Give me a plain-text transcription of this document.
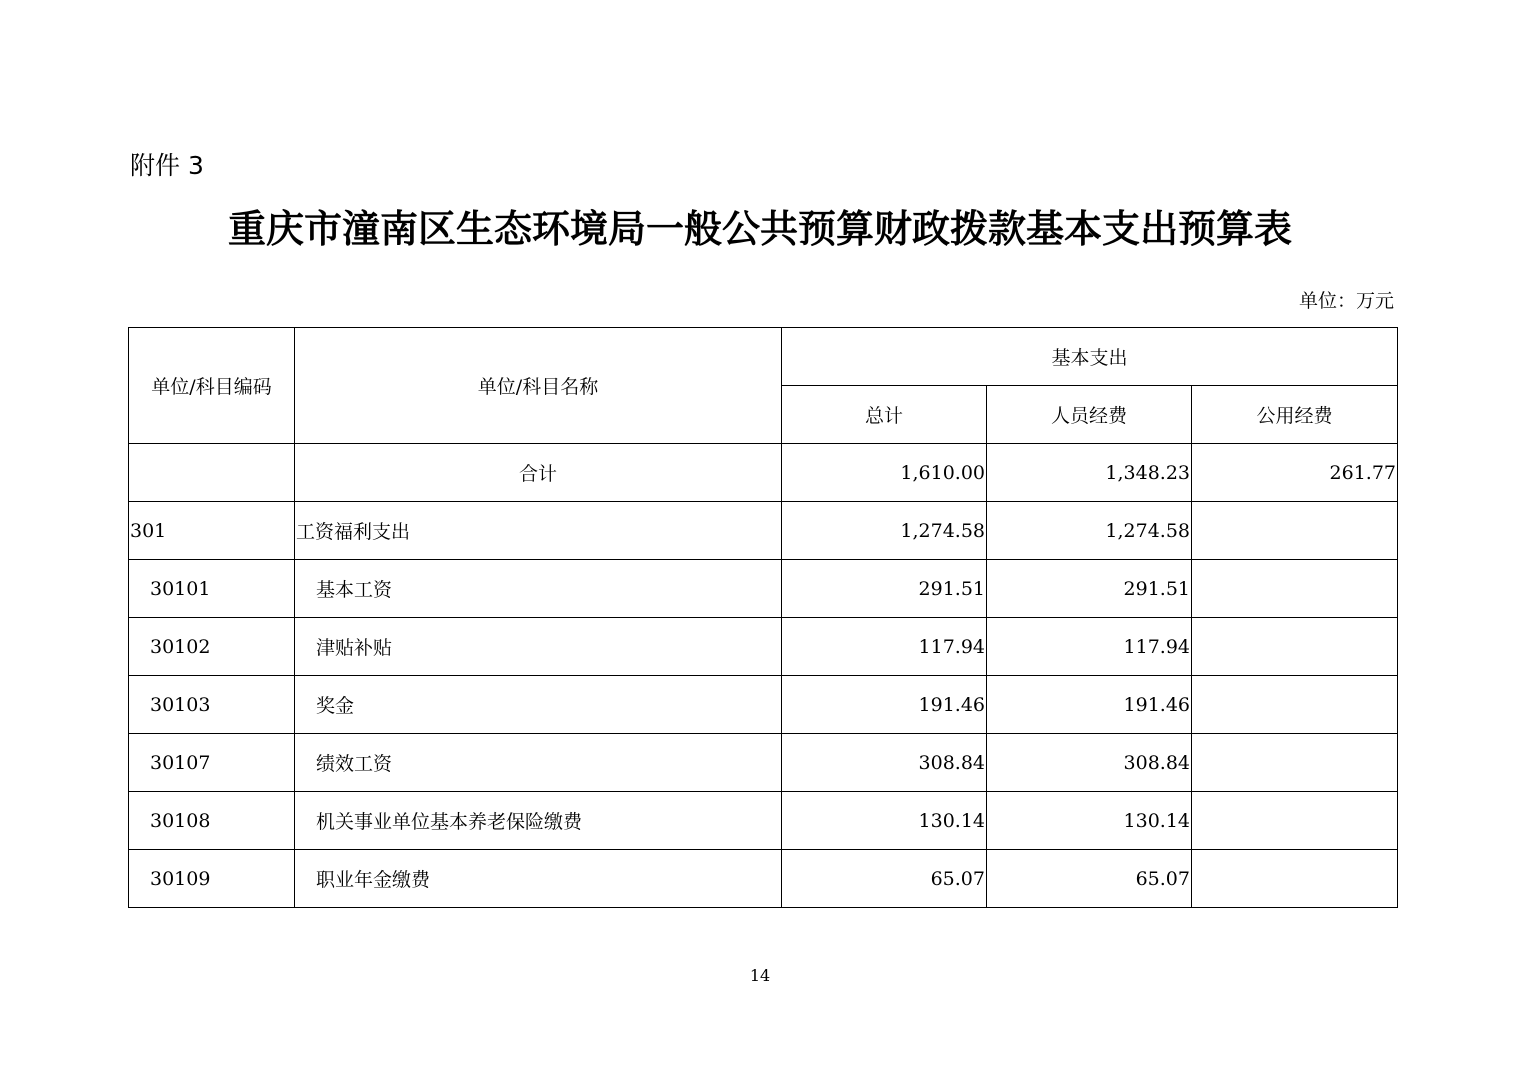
附件 3
重庆市潼南区生态环境局一般公共预算财政拨款基本支出预算表
单位：万元
单位/科目编码	单位/科目名称	基本支出		
		总计	人员经费	公用经费
	合计	1,610.00	1,348.23	261.77
301	工资福利支出	1,274.58	1,274.58	
30101	基本工资	291.51	291.51	
30102	津贴补贴	117.94	117.94	
30103	奖金	191.46	191.46	
30107	绩效工资	308.84	308.84	
30108	机关事业单位基本养老保险缴费	130.14	130.14	
30109	职业年金缴费	65.07	65.07	
14
